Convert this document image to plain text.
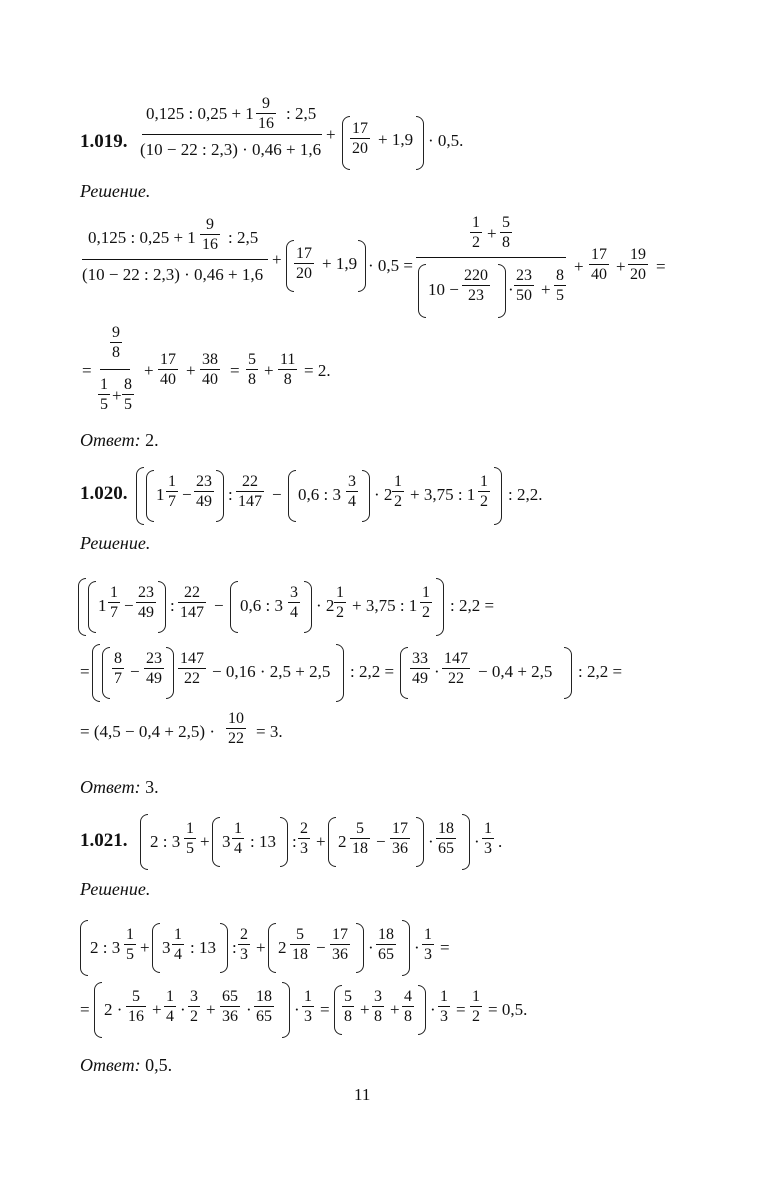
1.019.
0,125 : 0,25 + 1
9
16
: 2,5
(10 − 22 : 2,3) · 0,46 + 1,6
+ 17
20 + 1,9 · 0,5.
Решение.
0,125 : 0,25 + 1
9
16 : 2,5
(10 − 22 : 2,3) · 0,46 + 1,6
+ 17
20
+ 1,9 · 0,5 =
1
2 +
5
8
10 −
220
23	·
23
50 +
8
5
+
17
40 +
19
20 =
=
9
8
1
5 +
8
5
+
17
40 +
38
40 =
5
8 +
11
8 = 2.
Ответ: 2.
1.020. 1
1
7 −
23
49 :
22
147 − 0,6 : 3
3
4 · 2
1
2 + 3,75 : 1
1
2 : 2,2.
Решение.
1
1
7 −
23
49 :
22
147 − 0,6 : 3
3
4 · 2
1
2 + 3,75 : 1
1
2 : 2,2 =
=
8
7 −
23
49
147
22 − 0,16 · 2,5 + 2,5 : 2,2 =
33
49 ·
147
22 − 0,4 + 2,5 : 2,2 =
= (4,5 − 0,4 + 2,5) ·
10
22 = 3.
Ответ: 3.
1.021. 2 : 3
1
5 + 3
1
4 : 13 :
2
3 + 2
5
18 −
17
36 ·
18
65 ·
1
3 .
Решение.
2 : 3
1
5 + 3
1
4 : 13 :
2
3 + 2
5
18 −
17
36 ·
18
65 ·
1
3 =
= 2 ·
5
16 +
1
4 ·
3
2 +
65
36 ·
18
65 ·
1
3 =
5
8 +
3
8 +
4
8 ·
1
3 =
1
2 = 0,5.
Ответ: 0,5.
11
